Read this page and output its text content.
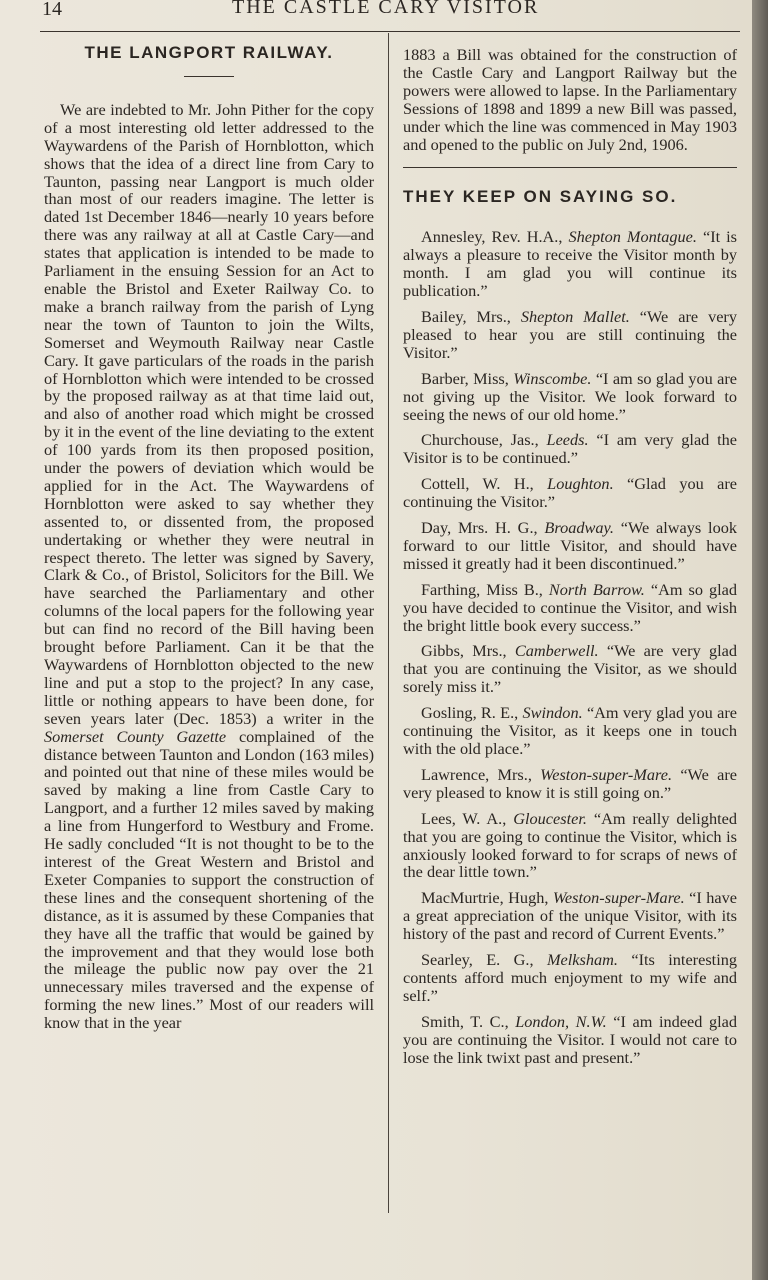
14	THE CASTLE CARY VISITOR
THE LANGPORT RAILWAY.

We are indebted to Mr. John Pither for the copy of a most interesting old letter addressed to the Waywardens of the Parish of Hornblotton, which shows that the idea of a direct line from Cary to Taunton, passing near Langport is much older than most of our readers imagine. The letter is dated 1st December 1846—nearly 10 years before there was any railway at all at Castle Cary—and states that application is intended to be made to Parliament in the ensuing Session for an Act to enable the Bristol and Exeter Railway Co. to make a branch railway from the parish of Lyng near the town of Taunton to join the Wilts, Somerset and Weymouth Railway near Castle Cary. It gave particulars of the roads in the parish of Hornblotton which were intended to be crossed by the proposed railway as at that time laid out, and also of another road which might be crossed by it in the event of the line deviating to the extent of 100 yards from its then proposed position, under the powers of deviation which would be applied for in the Act. The Waywardens of Hornblotton were asked to say whether they assented to, or dissented from, the proposed undertaking or whether they were neutral in respect thereto. The letter was signed by Savery, Clark & Co., of Bristol, Solicitors for the Bill. We have searched the Parliamentary and other columns of the local papers for the following year but can find no record of the Bill having been brought before Parliament. Can it be that the Waywardens of Hornblotton objected to the new line and put a stop to the project? In any case, little or nothing appears to have been done, for seven years later (Dec. 1853) a writer in the Somerset County Gazette complained of the distance between Taunton and London (163 miles) and pointed out that nine of these miles would be saved by making a line from Castle Cary to Langport, and a further 12 miles saved by making a line from Hungerford to Westbury and Frome. He sadly concluded “It is not thought to be to the interest of the Great Western and Bristol and Exeter Companies to support the construction of these lines and the consequent shortening of the distance, as it is assumed by these Companies that they have all the traffic that would be gained by the improvement and that they would lose both the mileage the public now pay over the 21 unnecessary miles traversed and the expense of forming the new lines.” Most of our readers will know that in the year

1883 a Bill was obtained for the construction of the Castle Cary and Langport Railway but the powers were allowed to lapse. In the Parliamentary Sessions of 1898 and 1899 a new Bill was passed, under which the line was commenced in May 1903 and opened to the public on July 2nd, 1906.

THEY KEEP ON SAYING SO.

Annesley, Rev. H.A., Shepton Montague. “It is always a pleasure to receive the Visitor month by month. I am glad you will continue its publication.”

Bailey, Mrs., Shepton Mallet. “We are very pleased to hear you are still continuing the Visitor.”

Barber, Miss, Winscombe. “I am so glad you are not giving up the Visitor. We look forward to seeing the news of our old home.”

Churchouse, Jas., Leeds. “I am very glad the Visitor is to be continued.”

Cottell, W. H., Loughton. “Glad you are continuing the Visitor.”

Day, Mrs. H. G., Broadway. “We always look forward to our little Visitor, and should have missed it greatly had it been discontinued.”

Farthing, Miss B., North Barrow. “Am so glad you have decided to continue the Visitor, and wish the bright little book every success.”

Gibbs, Mrs., Camberwell. “We are very glad that you are continuing the Visitor, as we should sorely miss it.”

Gosling, R. E., Swindon. “Am very glad you are continuing the Visitor, as it keeps one in touch with the old place.”

Lawrence, Mrs., Weston-super-Mare. “We are very pleased to know it is still going on.”

Lees, W. A., Gloucester. “Am really delighted that you are going to continue the Visitor, which is anxiously looked forward to for scraps of news of the dear little town.”

MacMurtrie, Hugh, Weston-super-Mare. “I have a great appreciation of the unique Visitor, with its history of the past and record of Current Events.”

Searley, E. G., Melksham. “Its interesting contents afford much enjoyment to my wife and self.”

Smith, T. C., London, N.W. “I am indeed glad you are continuing the Visitor. I would not care to lose the link twixt past and present.”
